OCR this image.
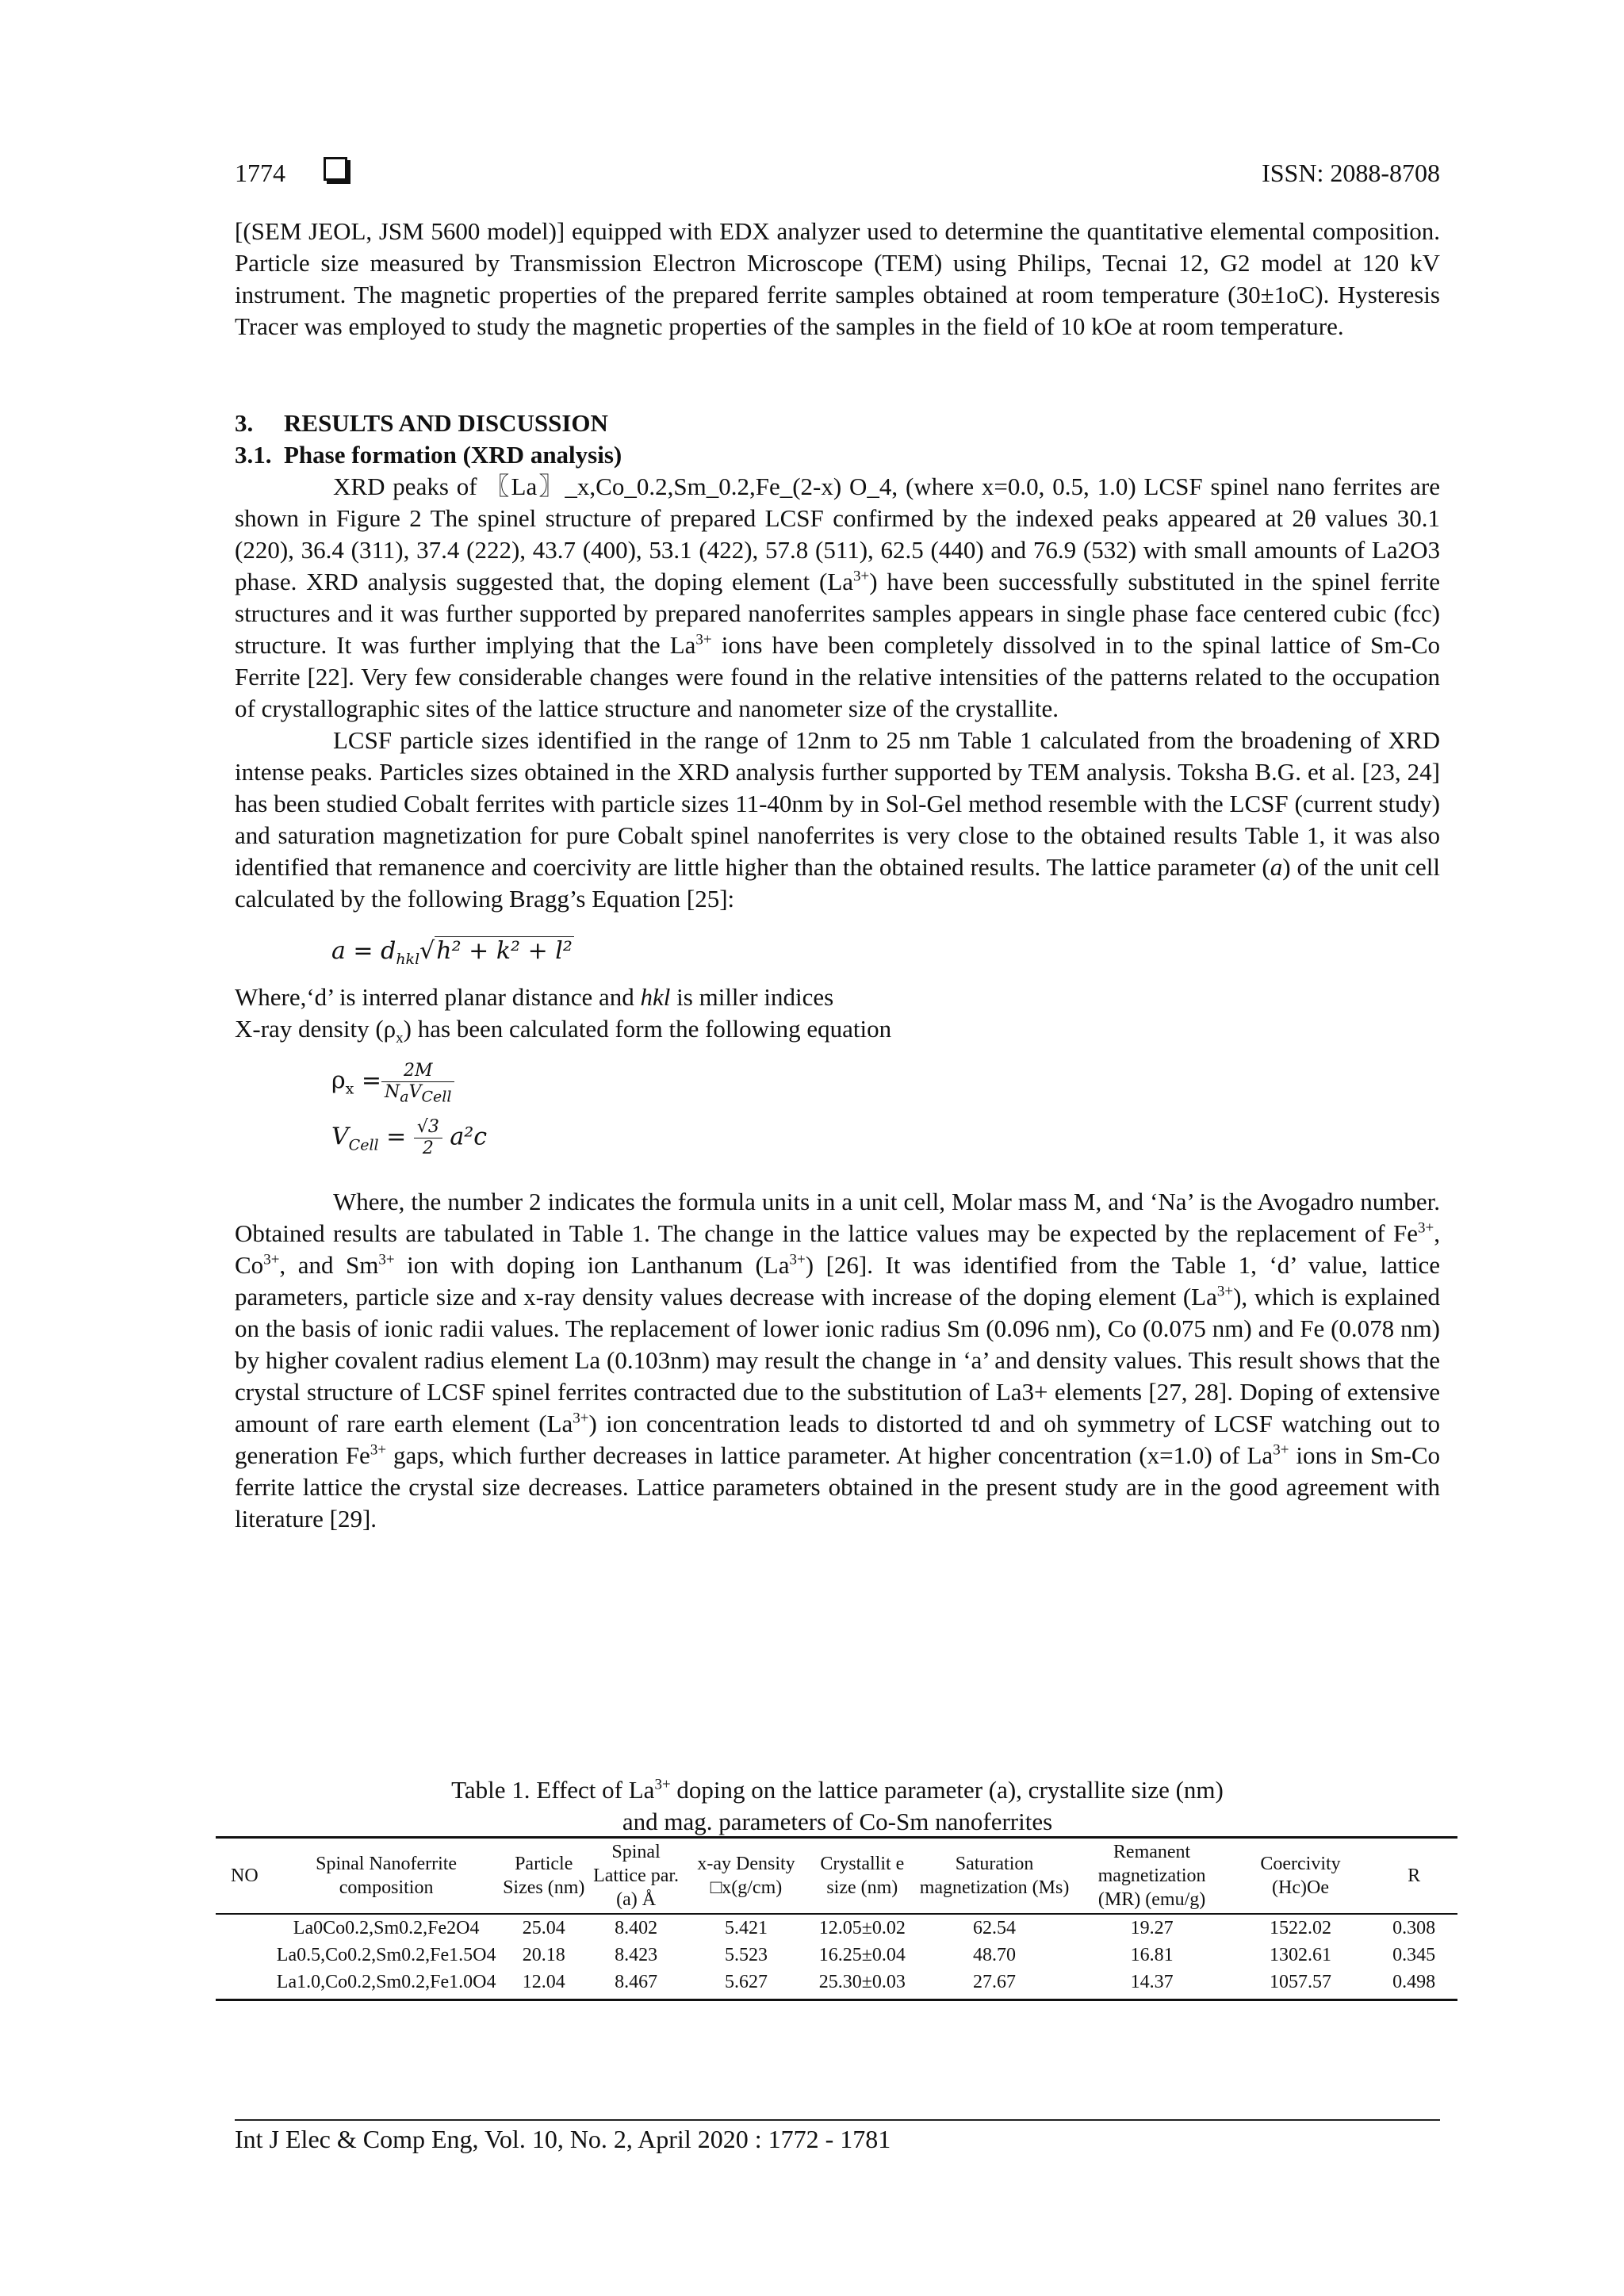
1774	ISSN: 2088-8708

[(SEM JEOL, JSM 5600 model)] equipped with EDX analyzer used to determine the quantitative elemental composition. Particle size measured by Transmission Electron Microscope (TEM) using Philips, Tecnai 12, G2 model at 120 kV instrument. The magnetic properties of the prepared ferrite samples obtained at room temperature (30±1oC). Hysteresis Tracer was employed to study the magnetic properties of the samples in the field of 10 kOe at room temperature.

3. RESULTS AND DISCUSSION

3.1. Phase formation (XRD analysis)

XRD peaks of 〖La〗_x,Co_0.2,Sm_0.2,Fe_(2-x) O_4, (where x=0.0, 0.5, 1.0) LCSF spinel nano ferrites are shown in Figure 2 The spinel structure of prepared LCSF confirmed by the indexed peaks appeared at 2θ values 30.1 (220), 36.4 (311), 37.4 (222), 43.7 (400), 53.1 (422), 57.8 (511), 62.5 (440) and 76.9 (532) with small amounts of La2O3 phase. XRD analysis suggested that, the doping element $(La^{3+})$ have been successfully substituted in the spinel ferrite structures and it was further supported by prepared nanoferrites samples appears in single phase face centered cubic (fcc) structure. It was further implying that the $La^{3+}$ ions have been completely dissolved in to the spinal lattice of Sm-Co Ferrite [22]. Very few considerable changes were found in the relative intensities of the patterns related to the occupation of crystallographic sites of the lattice structure and nanometer size of the crystallite.

LCSF particle sizes identified in the range of 12nm to 25 nm Table 1 calculated from the broadening of XRD intense peaks. Particles sizes obtained in the XRD analysis further supported by TEM analysis. Toksha B.G. et al. [23, 24] has been studied Cobalt ferrites with particle sizes 11-40nm by in Sol-Gel method resemble with the LCSF (current study) and saturation magnetization for pure Cobalt spinel nanoferrites is very close to the obtained results Table 1, it was also identified that remanence and coercivity are little higher than the obtained results. The lattice parameter (a) of the unit cell calculated by the following Bragg’s Equation [25]:

$a = d_{hkl}√h^2 + k^2 + l^2$

Where,‘d’ is interred planar distance and hkl is miller indices

X-ray density $(\rho_x)$ has been calculated form the following equation

$\rho_x = \frac{2M}{\text{NaVCell}}$

$V_{Cell} = \frac{√3}{2} a^2c$

Where, the number 2 indicates the formula units in a unit cell, Molar mass M, and ‘Na’ is the Avogadro number. Obtained results are tabulated in Table 1. The change in the lattice values may be expected by the replacement of $Fe^{3+}$, $Co^{3+}$, and $Sm^{3+}$ ion with doping ion Lanthanum $(La^{3+})$ [26]. It was identified from the Table 1, ‘d’ value, lattice parameters, particle size and x-ray density values decrease with increase of the doping element $(La^{3+})$, which is explained on the basis of ionic radii values. The replacement of lower ionic radius Sm (0.096 nm), Co (0.075 nm) and Fe (0.078 nm) by higher covalent radius element La (0.103nm) may result the change in ‘a’ and density values. This result shows that the crystal structure of LCSF spinel ferrites contracted due to the substitution of La3+ elements [27, 28]. Doping of extensive amount of rare earth element $(La^{3+})$ ion concentration leads to distorted td and oh symmetry of LCSF watching out to generation $Fe^{3+}$ gaps, which further decreases in lattice parameter. At higher concentration (x=1.0) of $La^{3+}$ ions in Sm-Co ferrite lattice the crystal size decreases. Lattice parameters obtained in the present study are in the good agreement with literature [29].

Table 1. Effect of $La^{3+}$ doping on the lattice parameter (a), crystallite size (nm)
and mag. parameters of Co-Sm nanoferrites
NO	Spinal Nanoferrite composition	Particle Sizes (nm)	Spinal Lattice par. (a) Å	x-ay Density □x(g/cm)	Crystallit e size (nm)	Saturation magnetization (Ms)	Remanent magnetization (MR) (emu/g)	Coercivity (Hc)Oe	R
	La0Co0.2,Sm0.2,Fe2O4	25.04	8.402	5.421	12.05±0.02	62.54	19.27	1522.02	0.308
	La0.5,Co0.2,Sm0.2,Fe1.5O4	20.18	8.423	5.523	16.25±0.04	48.70	16.81	1302.61	0.345
	La1.0,Co0.2,Sm0.2,Fe1.0O4	12.04	8.467	5.627	25.30±0.03	27.67	14.37	1057.57	0.498
Int J Elec & Comp Eng, Vol. 10, No. 2, April 2020 : 1772 - 1781
